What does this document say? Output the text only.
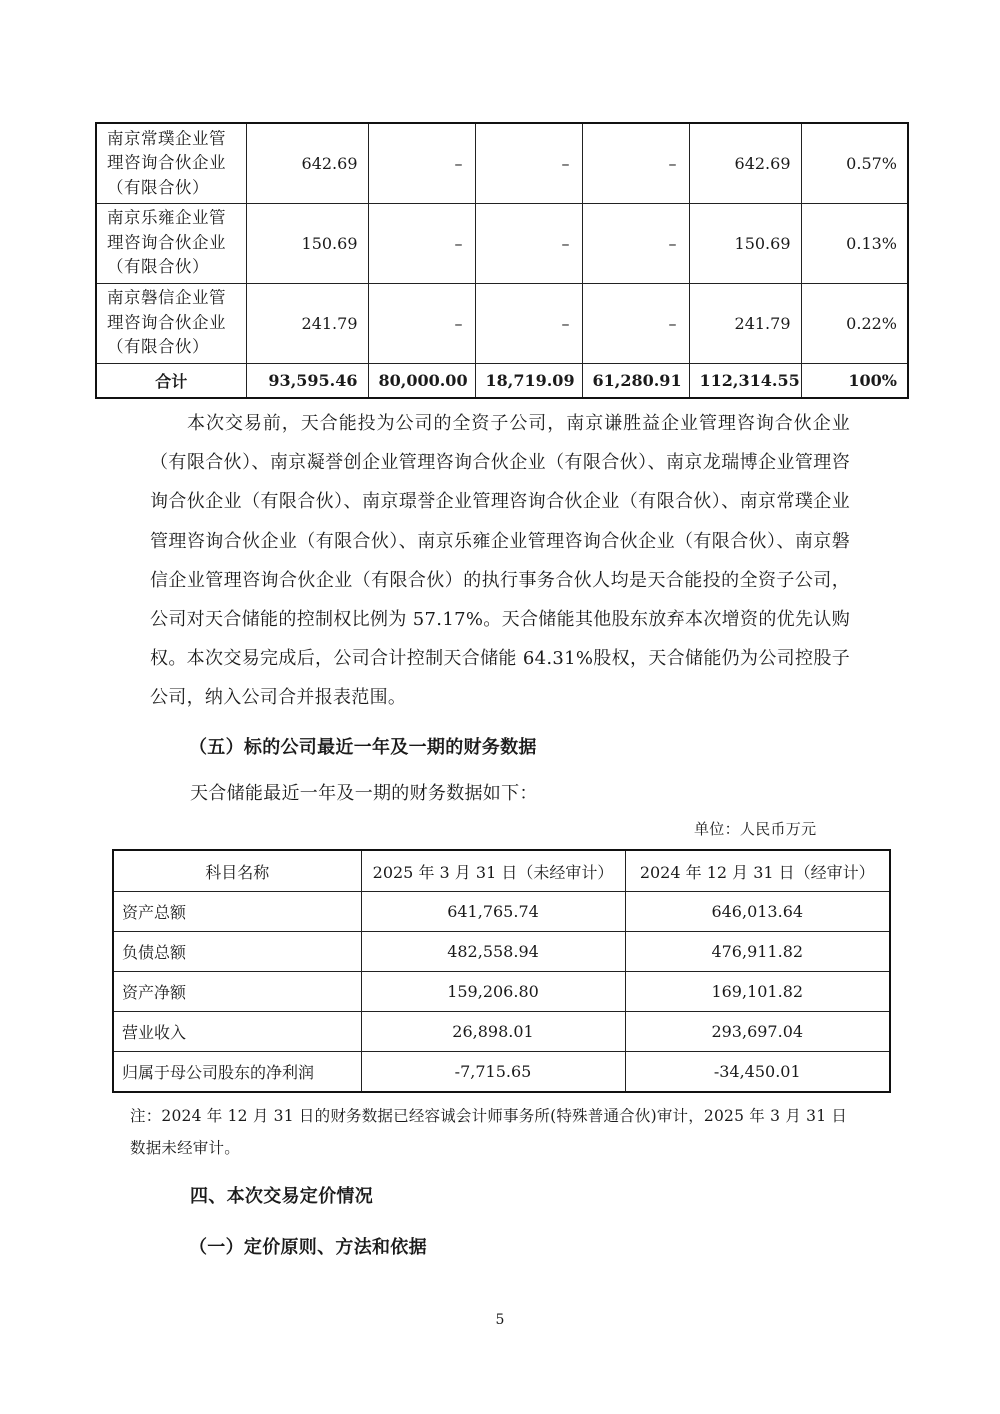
南京常璞企业管理咨询合伙企业（有限合伙）	642.69	–	–	–	642.69	0.57%
南京乐雍企业管理咨询合伙企业（有限合伙）	150.69	–	–	–	150.69	0.13%
南京磐信企业管理咨询合伙企业（有限合伙）	241.79	–	–	–	241.79	0.22%
合计	93,595.46	80,000.00	18,719.09	61,280.91	112,314.55	100%

本次交易前，天合能投为公司的全资子公司，南京谦胜益企业管理咨询合伙企业（有限合伙）、南京凝誉创企业管理咨询合伙企业（有限合伙）、南京龙瑞博企业管理咨询合伙企业（有限合伙）、南京璟誉企业管理咨询合伙企业（有限合伙）、南京常璞企业管理咨询合伙企业（有限合伙）、南京乐雍企业管理咨询合伙企业（有限合伙）、南京磐信企业管理咨询合伙企业（有限合伙）的执行事务合伙人均是天合能投的全资子公司，公司对天合储能的控制权比例为 57.17%。天合储能其他股东放弃本次增资的优先认购权。本次交易完成后，公司合计控制天合储能 64.31%股权，天合储能仍为公司控股子公司，纳入公司合并报表范围。

（五）标的公司最近一年及一期的财务数据
天合储能最近一年及一期的财务数据如下：
单位：人民币万元
科目名称	2025 年 3 月 31 日（未经审计）	2024 年 12 月 31 日（经审计）
资产总额	641,765.74	646,013.64
负债总额	482,558.94	476,911.82
资产净额	159,206.80	169,101.82
营业收入	26,898.01	293,697.04
归属于母公司股东的净利润	-7,715.65	-34,450.01
注：2024 年 12 月 31 日的财务数据已经容诚会计师事务所(特殊普通合伙)审计，2025 年 3 月 31 日数据未经审计。
四、本次交易定价情况
（一）定价原则、方法和依据
5
